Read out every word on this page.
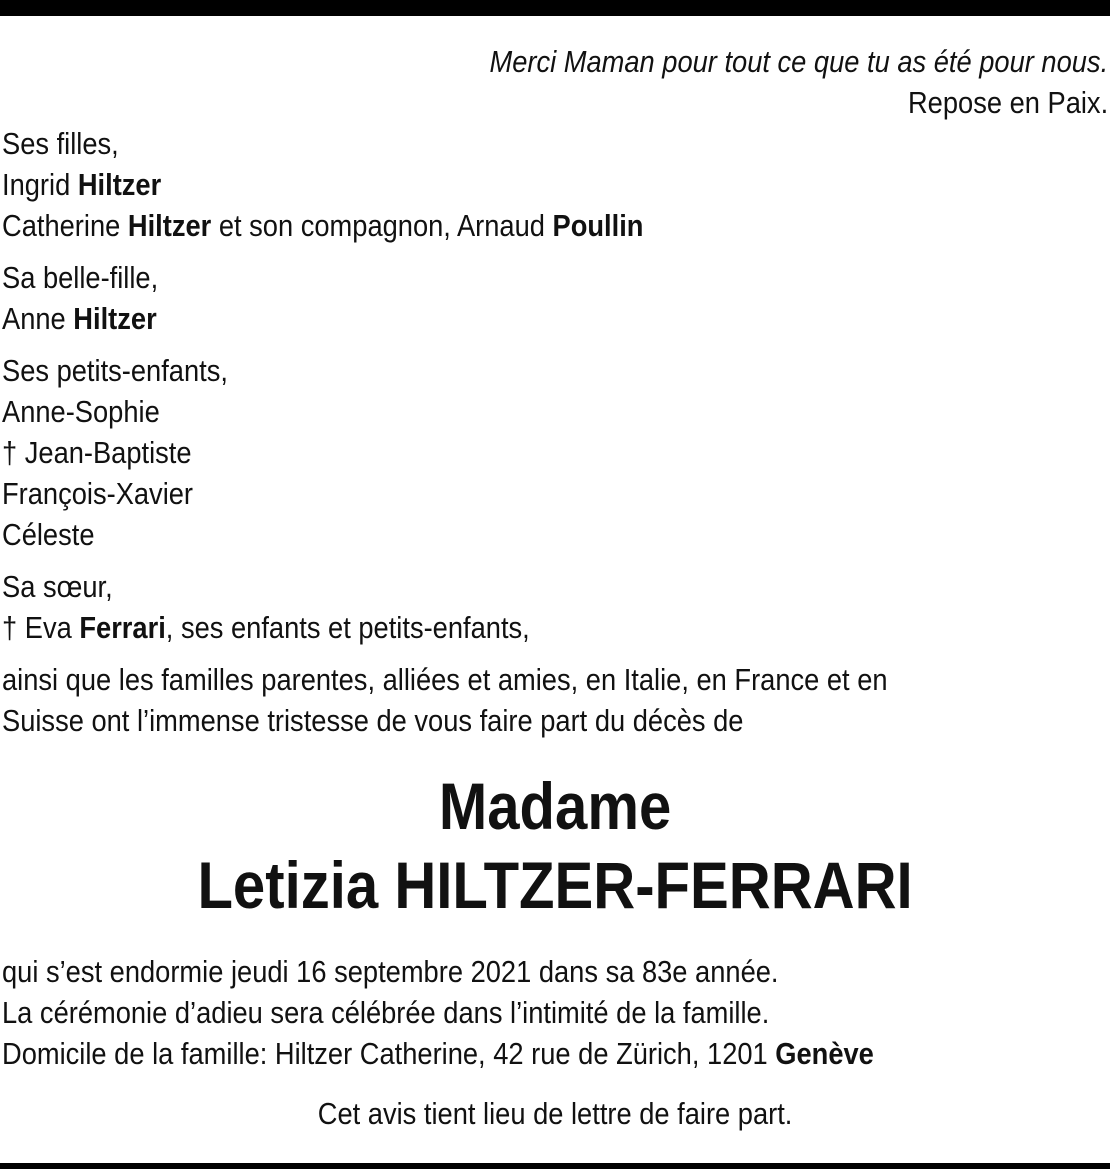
Merci Maman pour tout ce que tu as été pour nous.
Repose en Paix.
Ses filles,
Ingrid Hiltzer
Catherine Hiltzer et son compagnon, Arnaud Poullin
Sa belle-fille,
Anne Hiltzer
Ses petits-enfants,
Anne-Sophie
† Jean-Baptiste
François-Xavier
Céleste
Sa sœur,
† Eva Ferrari, ses enfants et petits-enfants,
ainsi que les familles parentes, alliées et amies, en Italie, en France et en
Suisse ont l’immense tristesse de vous faire part du décès de
Madame
Letizia HILTZER-FERRARI
qui s’est endormie jeudi 16 septembre 2021 dans sa 83e année.
La cérémonie d’adieu sera célébrée dans l’intimité de la famille.
Domicile de la famille: Hiltzer Catherine, 42 rue de Zürich, 1201 Genève
Cet avis tient lieu de lettre de faire part.
